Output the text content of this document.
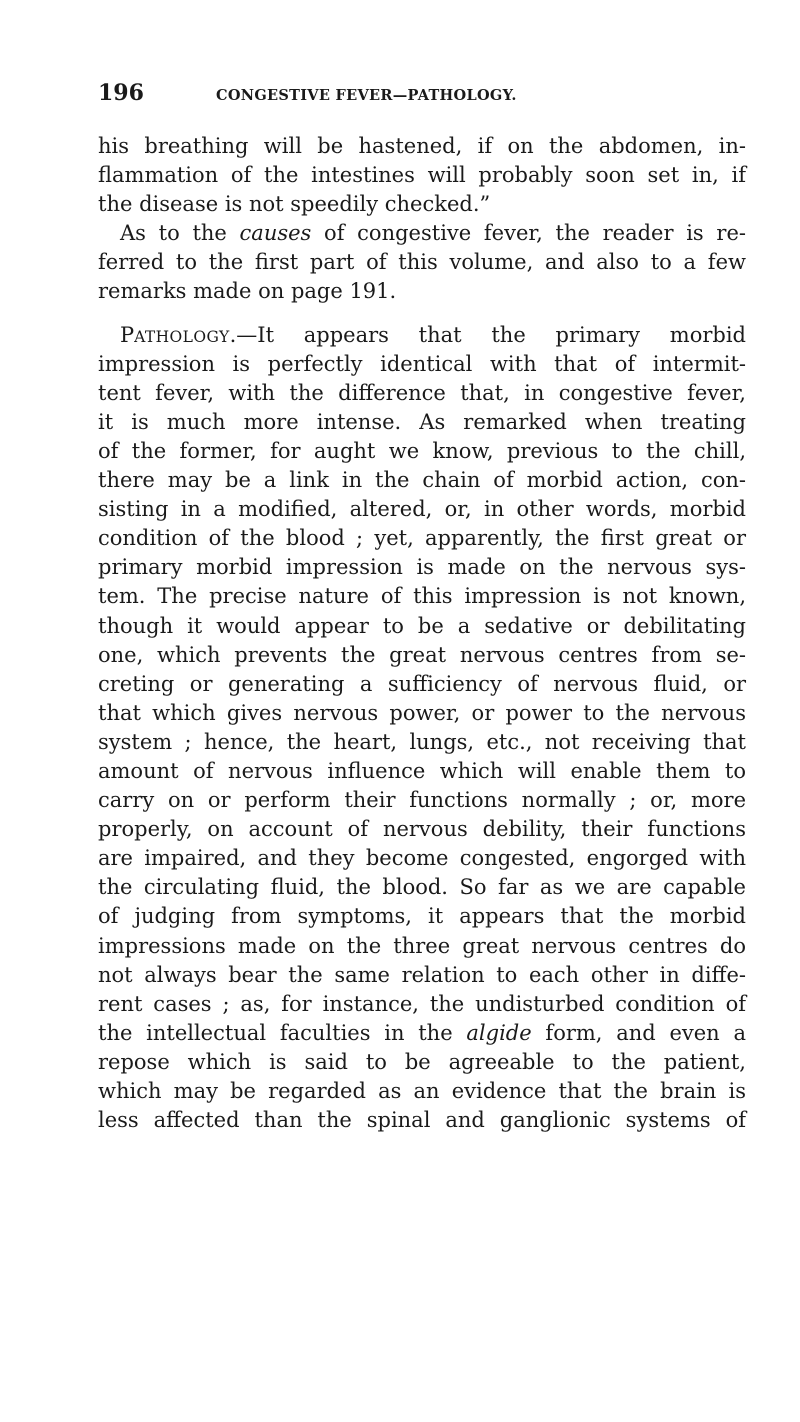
196	CONGESTIVE FEVER—PATHOLOGY.
his breathing will be hastened, if on the abdomen, in-
flammation of the intestines will probably soon set in, if
the disease is not speedily checked.”
As to the causes of congestive fever, the reader is re-
ferred to the first part of this volume, and also to a few
remarks made on page 191.
PATHOLOGY.—It appears that the primary morbid
impression is perfectly identical with that of intermit-
tent fever, with the difference that, in congestive fever,
it is much more intense. As remarked when treating
of the former, for aught we know, previous to the chill,
there may be a link in the chain of morbid action, con-
sisting in a modified, altered, or, in other words, morbid
condition of the blood ; yet, apparently, the first great or
primary morbid impression is made on the nervous sys-
tem. The precise nature of this impression is not known,
though it would appear to be a sedative or debilitating
one, which prevents the great nervous centres from se-
creting or generating a sufficiency of nervous fluid, or
that which gives nervous power, or power to the nervous
system ; hence, the heart, lungs, etc., not receiving that
amount of nervous influence which will enable them to
carry on or perform their functions normally ; or, more
properly, on account of nervous debility, their functions
are impaired, and they become congested, engorged with
the circulating fluid, the blood. So far as we are capable
of judging from symptoms, it appears that the morbid
impressions made on the three great nervous centres do
not always bear the same relation to each other in diffe-
rent cases ; as, for instance, the undisturbed condition of
the intellectual faculties in the algide form, and even a
repose which is said to be agreeable to the patient,
which may be regarded as an evidence that the brain is
less affected than the spinal and ganglionic systems of
